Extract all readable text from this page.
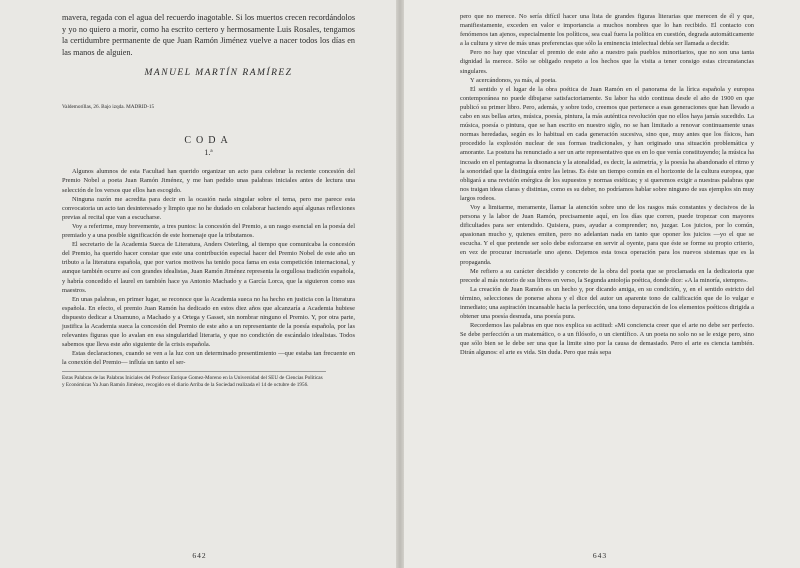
mavera, regada con el agua del recuerdo inagotable. Si los muertos crecen recordándolos y yo no quiero a morir, como ha escrito certero y hermosamente Luis Rosales, tengamos la certidumbre permanente de que Juan Ramón Jiménez vuelve a nacer todos los días en las manos de alguien.

MANUEL MARTÍN RAMÍREZ
Valdemoríllas, 26. Bajo izqda. MADRID-15
CODA
1.ª

Algunos alumnos de esta Facultad han querido organizar un acto para celebrar la reciente concesión del Premio Nobel a poeta Juan Ramón Jiménez, y me han pedido unas palabras iniciales antes de lectura una selección de los versos que ellos han escogido.

Ninguna razón me acredita para decir en la ocasión nada singular sobre el tema, pero me parece esta convocatoria un acto tan desinteresado y limpio que no he dudado en colaborar haciendo aquí algunas reflexiones previas al recital que van a escucharse.

Voy a referirme, muy brevemente, a tres puntos: la concesión del Premio, a un rasgo esencial en la poesía del premiado y a una posible significación de este homenaje que la tributamos.

El secretario de la Academia Sueca de Literatura, Anders Osterling, al tiempo que comunicaba la concesión del Premio, ha querido hacer constar que este una contribución especial hacer del Premio Nobel de este año un tributo a la literatura española, que por varios motivos ha tenido poca fama en esta competición internacional, y aunque también ocurre así con grandes idealistas, Juan Ramón Jiménez representa la orgullosa tradición española, y habría concedido el laurel en también hace ya Antonio Machado y a García Lorca, que la siguieron como sus maestros.

En unas palabras, en primer lugar, se reconoce que la Academia sueca no ha hecho en justicia con la literatura española. En efecto, el premio Juan Ramón ha dedicado en estos diez años que alcanzaría a Academia hubiese dispuesto dedicar a Unamuno, a Machado y a Ortega y Gasset, sin nombrar ninguno el Premio. Y, por otra parte, justifica la Academia sueca la concesión del Premio de este año a un representante de la poesía española, por las relevantes figuras que lo avalan en esa singularidad literaria, y que no condición de escándalo idealistas. Todos sabemos que lleva este año siguiente de la crisis española.

Estas declaraciones, cuando se ven a la luz con un determinado presentimiento —que estaba tan frecuente en la conexión del Premio— influía un tanto el ser-

Estas Palabras de las Palabras Iniciales del Profesor Enrique Gomez-Moreno en la Universidad del SEU de Ciencias Políticas y Económicas Ya Juan Ramón Jiménez, recogido en el diario Arriba de la Sociedad realizada el 14 de octubre de 1956.
642

pero que no merece. No sería difícil hacer una lista de grandes figuras literarias que merecen de él y que, manifiestamente, exceden en valor e importancia a muchos nombres que lo han recibido. El contacto con fenómenos tan ajenos, especialmente los políticos, sea cual fuera la política en cuestión, degrada automáticamente a la cultura y sirve de más unas preferencias que sólo la eminencia intelectual debía ser llamada a decidir.

Pero no hay que vincular el premio de este año a nuestro país pueblos minoritarios, que no son una tanta dignidad la merece. Sólo se obligado respeto a los hechos que la visita a tener consigo estas circunstancias singulares.

Y acercándonos, ya más, al poeta.

El sentido y el lugar de la obra poética de Juan Ramón en el panorama de la lírica española y europea contemporánea no puede dibujarse satisfactoriamente. Su labor ha sido continua desde el año de 1900 en que publicó su primer libro. Pero, además, y sobre todo, creemos que pertenece a esas generaciones que han llevado a cabo en sus bellas artes, música, poesía, pintura, la más auténtica revolución que no ellos haya jamás sucedido. La música, poesía o pintura, que se han escrito en nuestro siglo, no se han limitado a renovar continuamente unas normas heredadas, según es lo habitual en cada generación sucesiva, sino que, muy antes que los físicos, han procedido la explosión nuclear de sus formas tradicionales, y han originado una situación problemática y amorante. La postura ha renunciado a ser un arte representativo que es en lo que venía constituyendo; la música ha incoado en el pentagrama la disonancia y la atonalidad, es decir, la asimetría, y la poesía ha abandonado el ritmo y la sonoridad que la distinguía entre las letras. Es éste un tiempo común en el horizonte de la cultura europea, que obligará a una revisión enérgica de los supuestos y normas estéticas; y si queremos exigir a nuestras palabras que nos traigan ideas claras y distintas, como es su deber, no podríamos hablar sobre ninguno de sus ejemplos sin muy largos rodeos.

Voy a limitarme, meramente, llamar la atención sobre uno de los rasgos más constantes y decisivos de la persona y la labor de Juan Ramón, precisamente aquí, en los días que corren, puede tropezar con mayores dificultades para ser entendido. Quisiera, pues, ayudar a comprender; no, juzgar. Los juicios, por lo común, apasionan mucho y, quienes emiten, pero no adelantan nada en tanto que oponer los juicios —yo el que se escucha. Y el que pretende ser solo debe esforzarse en servir al oyente, para que éste se forme su propio criterio, en vez de procurar incrustarle uno ajeno. Dejemos esta tosca operación para los nuevos sistemas que es la propaganda.

Me refiero a su carácter decidido y concreto de la obra del poeta que se proclamada en la dedicatoria que precede al más notorio de sus libros en verso, la Segunda antolojía poética, donde dice: «A la minoría, siempre».

La creación de Juan Ramón es un hecho y, por dicando amiga, en su condición, y, en el sentido estricto del término, selecciones de ponerse ahora y el dice del autor un aparente tono de calificación que de lo vulgar e inmediato; una aspiración incansable hacia la perfección, una tono depuración de los elementos poéticos dirigida a obtener una poesía desnuda, una poesía pura.

Recordemos las palabras en que nos explica su actitud: «Mi conciencia creer que el arte no debe ser perfecto. Se debe perfección a un matemático, o a un filósofo, o un científico. A un poeta no solo no se le exige pero, sino que sólo bien se le debe ser una que la limite sino por la causa de demasiado. Pero el arte es ciencia también. Dirán algunos: el arte es vida. Sin duda. Pero que más sepa

643
